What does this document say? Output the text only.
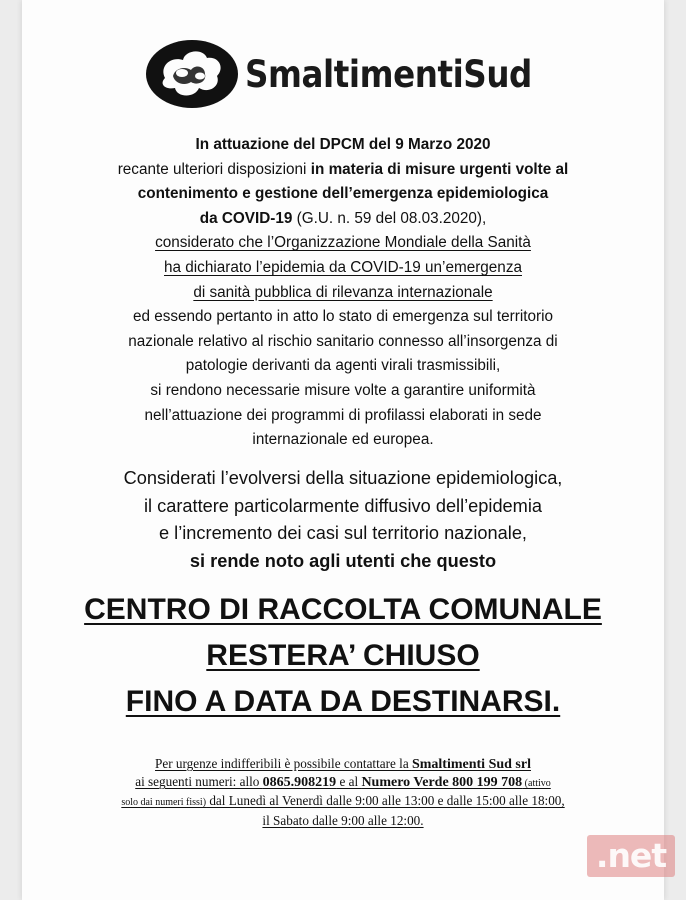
SmaltimentiSud
In attuazione del DPCM del 9 Marzo 2020
recante ulteriori disposizioni in materia di misure urgenti volte al
contenimento e gestione dell’emergenza epidemiologica
da COVID-19 (G.U. n. 59 del 08.03.2020),
considerato che l’Organizzazione Mondiale della Sanità
ha dichiarato l’epidemia da COVID-19 un’emergenza
di sanità pubblica di rilevanza internazionale
ed essendo pertanto in atto lo stato di emergenza sul territorio
nazionale relativo al rischio sanitario connesso all’insorgenza di
patologie derivanti da agenti virali trasmissibili,
si rendono necessarie misure volte a garantire uniformità
nell’attuazione dei programmi di profilassi elaborati in sede
internazionale ed europea.
Considerati l’evolversi della situazione epidemiologica,
il carattere particolarmente diffusivo dell’epidemia
e l’incremento dei casi sul territorio nazionale,
si rende noto agli utenti che questo
CENTRO DI RACCOLTA COMUNALE
RESTERA’ CHIUSO
FINO A DATA DA DESTINARSI.
Per urgenze indifferibili è possibile contattare la Smaltimenti Sud srl
ai seguenti numeri: allo 0865.908219 e al Numero Verde 800 199 708 (attivo
solo dai numeri fissi) dal Lunedì al Venerdì dalle 9:00 alle 13:00 e dalle 15:00 alle 18:00,
il Sabato dalle 9:00 alle 12:00.
.net
